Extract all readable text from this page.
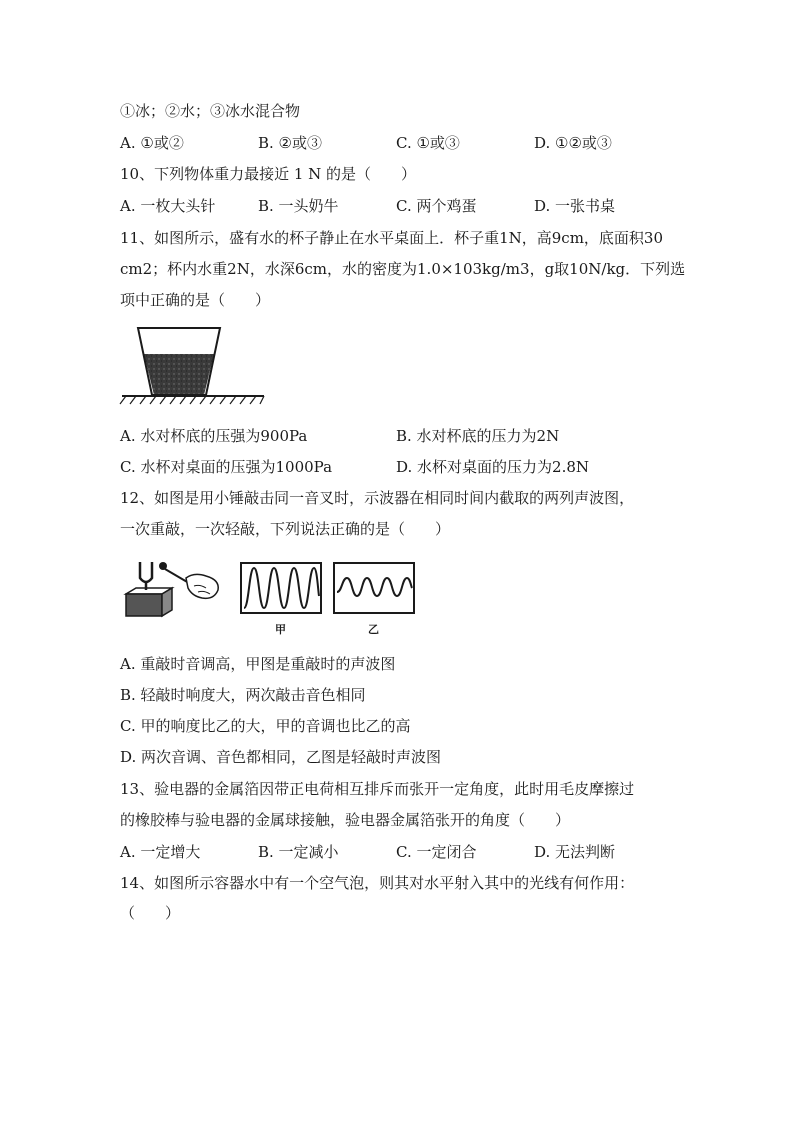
①冰；②水；③冰水混合物
A. ①或②	B. ②或③	C. ①或③	D. ①②或③
10、下列物体重力最接近 1 N 的是（　　）
A. 一枚大头针	B. 一头奶牛	C. 两个鸡蛋	D. 一张书桌
11、如图所示，盛有水的杯子静止在水平桌面上．杯子重1N，高9cm，底面积30
cm2；杯内水重2N，水深6cm，水的密度为1.0×103kg/m3，g取10N/kg．下列选
项中正确的是（　　）
A. 水对杯底的压强为900Pa	B. 水对杯底的压力为2N
C. 水杯对桌面的压强为1000Pa	D. 水杯对桌面的压力为2.8N
12、如图是用小锤敲击同一音叉时，示波器在相同时间内截取的两列声波图，
一次重敲，一次轻敲，下列说法正确的是（　　）
甲	乙
A. 重敲时音调高，甲图是重敲时的声波图
B. 轻敲时响度大，两次敲击音色相同
C. 甲的响度比乙的大，甲的音调也比乙的高
D. 两次音调、音色都相同，乙图是轻敲时声波图
13、验电器的金属箔因带正电荷相互排斥而张开一定角度，此时用毛皮摩擦过
的橡胶棒与验电器的金属球接触，验电器金属箔张开的角度（　　）
A. 一定增大	B. 一定减小	C. 一定闭合	D. 无法判断
14、如图所示容器水中有一个空气泡，则其对水平射入其中的光线有何作用：
（　　）
